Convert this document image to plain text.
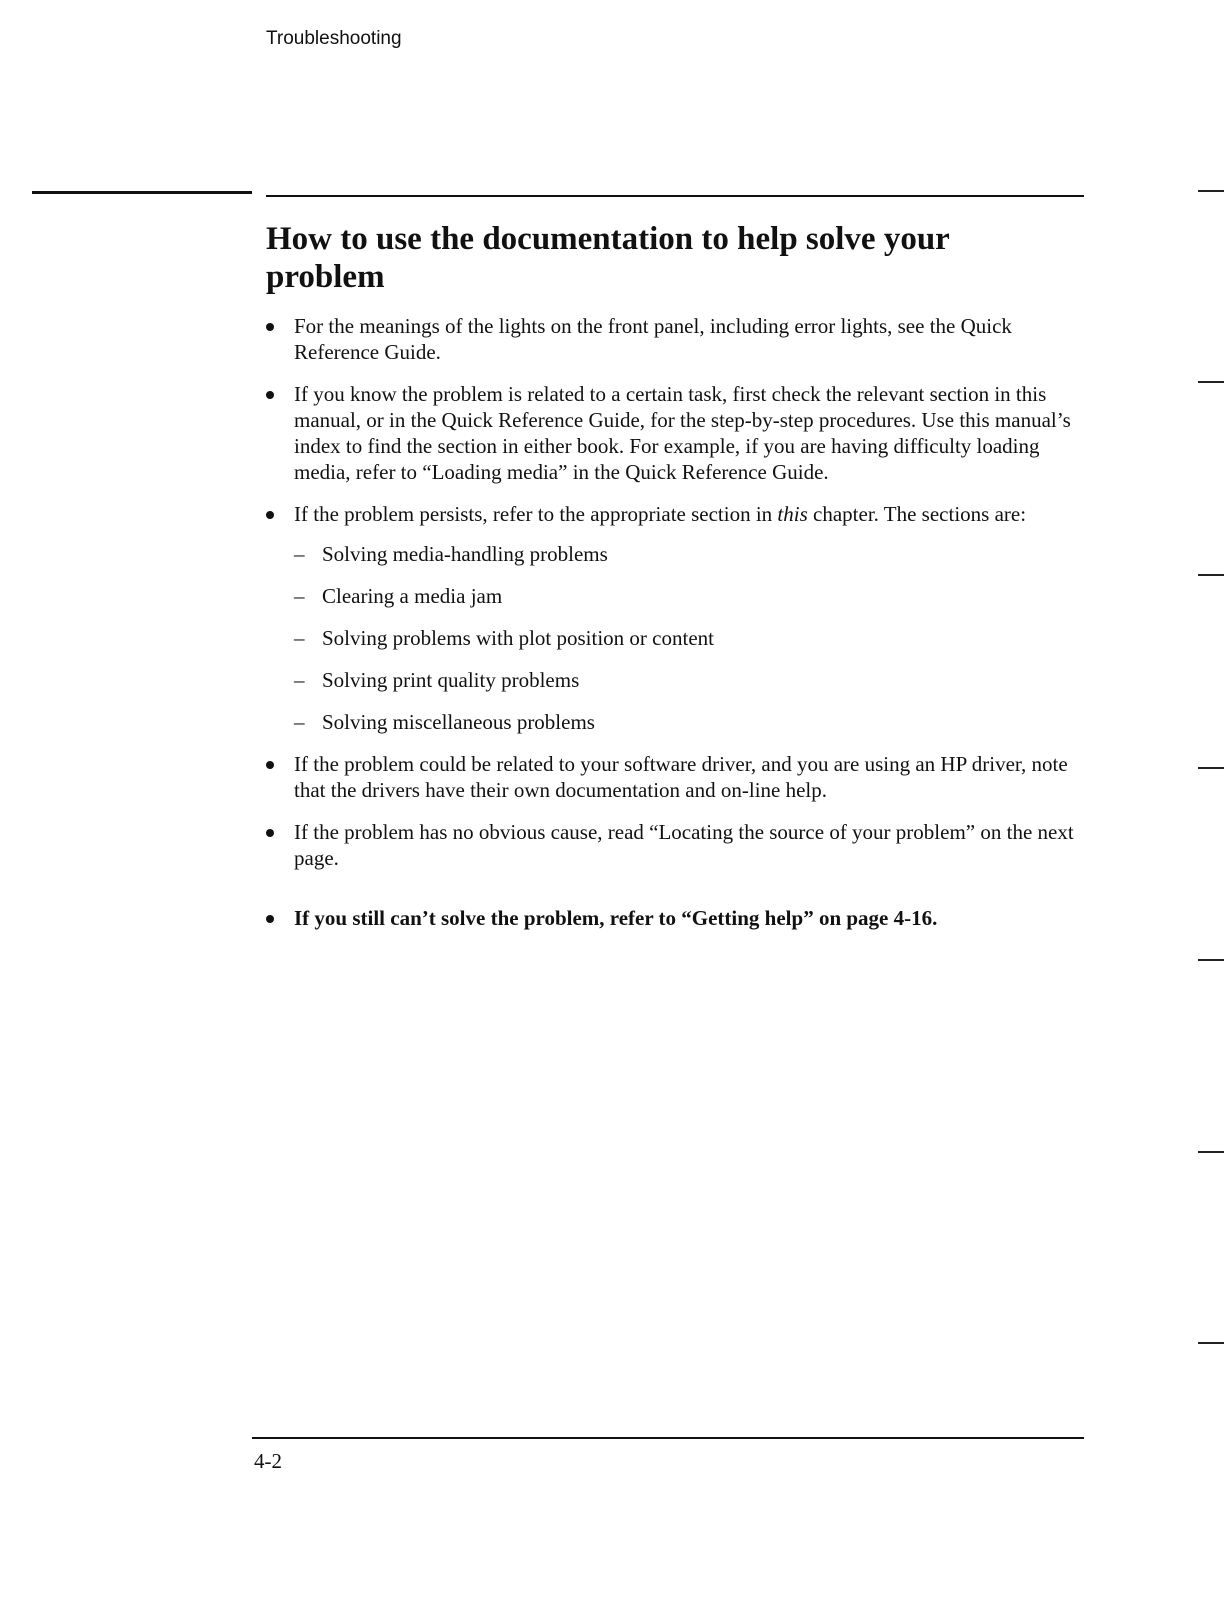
Troubleshooting
How to use the documentation to help solve your problem
For the meanings of the lights on the front panel, including error lights, see the Quick Reference Guide.
If you know the problem is related to a certain task, first check the relevant section in this manual, or in the Quick Reference Guide, for the step-by-step procedures. Use this manual’s index to find the section in either book. For example, if you are having difficulty loading media, refer to “Loading media” in the Quick Reference Guide.
If the problem persists, refer to the appropriate section in this chapter. The sections are:
– Solving media-handling problems
– Clearing a media jam
– Solving problems with plot position or content
– Solving print quality problems
– Solving miscellaneous problems
If the problem could be related to your software driver, and you are using an HP driver, note that the drivers have their own documentation and on-line help.
If the problem has no obvious cause, read “Locating the source of your problem” on the next page.
If you still can’t solve the problem, refer to “Getting help” on page 4-16.
4-2
